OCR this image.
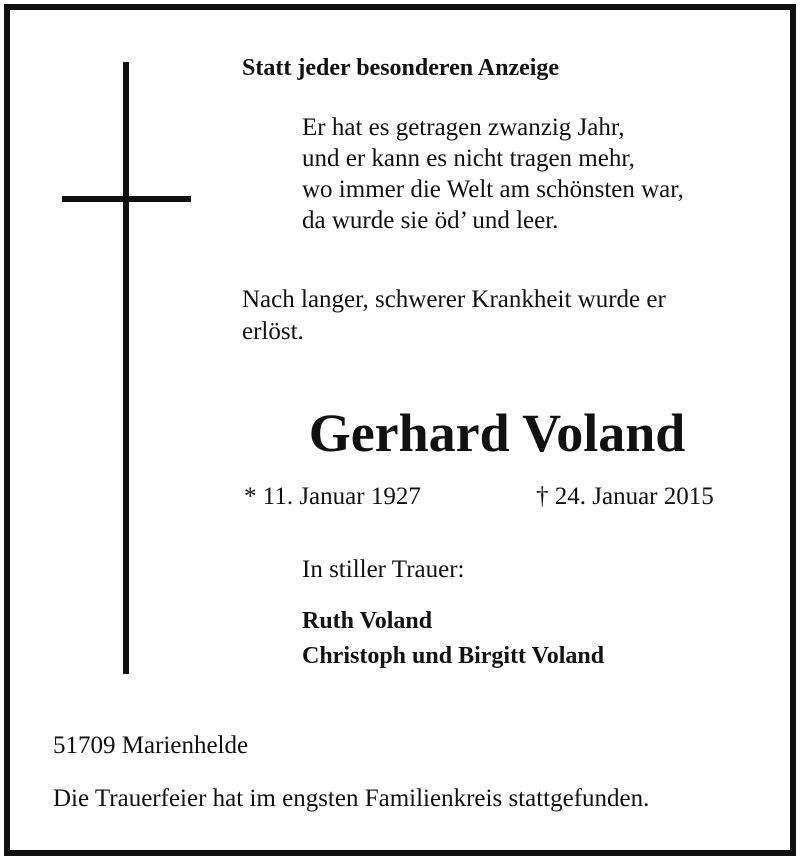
Statt jeder besonderen Anzeige
Er hat es getragen zwanzig Jahr,
und er kann es nicht tragen mehr,
wo immer die Welt am schönsten war,
da wurde sie öd’ und leer.
Nach langer, schwerer Krankheit wurde er
erlöst.
Gerhard Voland
* 11. Januar 1927	† 24. Januar 2015
In stiller Trauer:
Ruth Voland
Christoph und Birgitt Voland
51709 Marienhelde
Die Trauerfeier hat im engsten Familienkreis stattgefunden.
